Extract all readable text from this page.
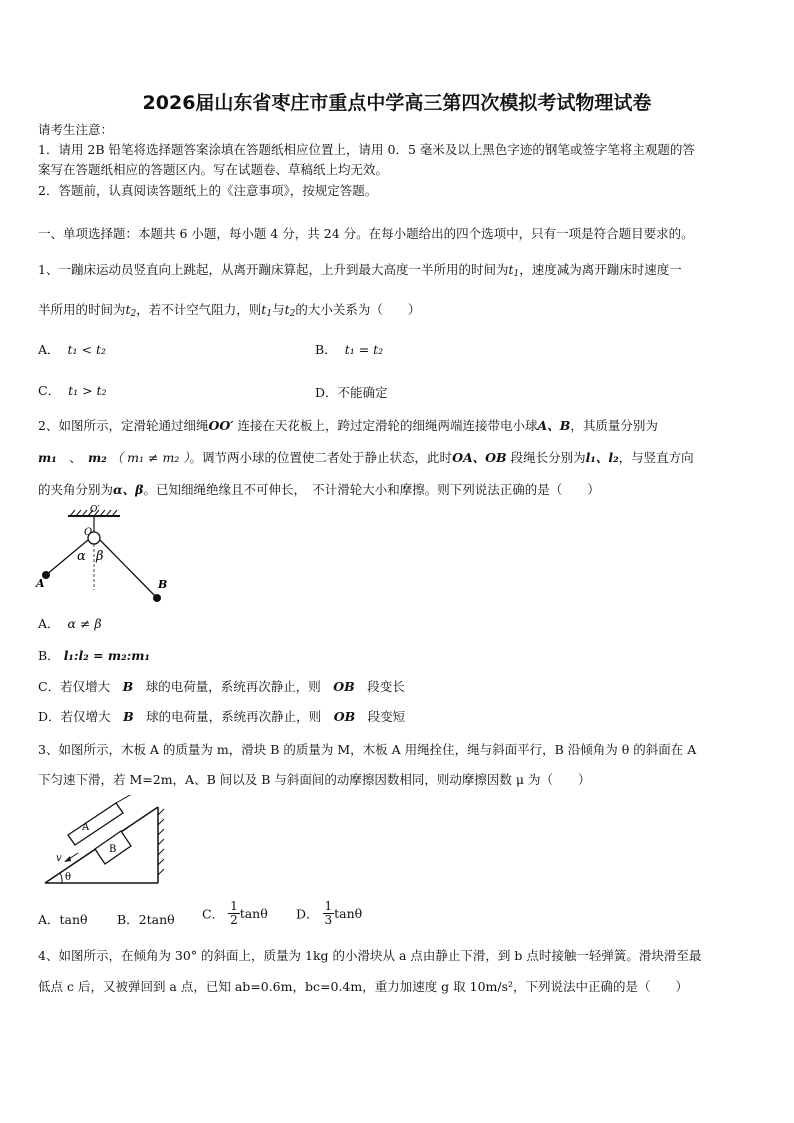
2026届山东省枣庄市重点中学高三第四次模拟考试物理试卷
请考生注意：
1．请用 2B 铅笔将选择题答案涂填在答题纸相应位置上，请用 0．5 毫米及以上黑色字迹的钢笔或签字笔将主观题的答
案写在答题纸相应的答题区内。写在试题卷、草稿纸上均无效。
2．答题前，认真阅读答题纸上的《注意事项》，按规定答题。
一、单项选择题：本题共 6 小题，每小题 4 分，共 24 分。在每小题给出的四个选项中，只有一项是符合题目要求的。
1、一蹦床运动员竖直向上跳起，从离开蹦床算起，上升到最大高度一半所用的时间为$t_1$，速度减为离开蹦床时速度一
半所用的时间为$t_2$，若不计空气阻力，则$t_1$与$t_2$的大小关系为（　　）
A． t₁ < t₂	B． t₁ = t₂
C． t₁ > t₂	D．不能确定
2、如图所示，定滑轮通过细绳OO′ 连接在天花板上，跨过定滑轮的细绳两端连接带电小球A、B，其质量分别为
m₁　 、　 m₂ （ m₁ ≠ m₂ ）。调节两小球的位置使二者处于静止状态，此时OA、OB 段绳长分别为l₁、l₂，与竖直方向
的夹角分别为α、β。已知细绳绝缘且不可伸长，　不计滑轮大小和摩擦。则下列说法正确的是（　　）
O′
O
α β
A	B
A． α ≠ β
B． l₁:l₂ = m₂:m₁
C．若仅增大　 B　 球的电荷量，系统再次静止，则　 OB　 段变长
D．若仅增大　 B　 球的电荷量，系统再次静止，则　 OB　 段变短
3、如图所示，木板 A 的质量为 m，滑块 B 的质量为 M，木板 A 用绳拴住，绳与斜面平行，B 沿倾角为 θ 的斜面在 A
下匀速下滑，若 M=2m，A、B 间以及 B 与斜面间的动摩擦因数相同，则动摩擦因数 μ 为（　　）
A
B
v
θ
A．tanθ B．2tanθ C． $\frac{1}{2}$ tanθ D． $\frac{1}{3}$ tanθ
4、如图所示，在倾角为 30° 的斜面上，质量为 1kg 的小滑块从 a 点由静止下滑，到 b 点时接触一轻弹簧。滑块滑至最
低点 c 后，又被弹回到 a 点，已知 ab=0.6m，bc=0.4m，重力加速度 g 取 10m/s²，下列说法中正确的是（　　）
